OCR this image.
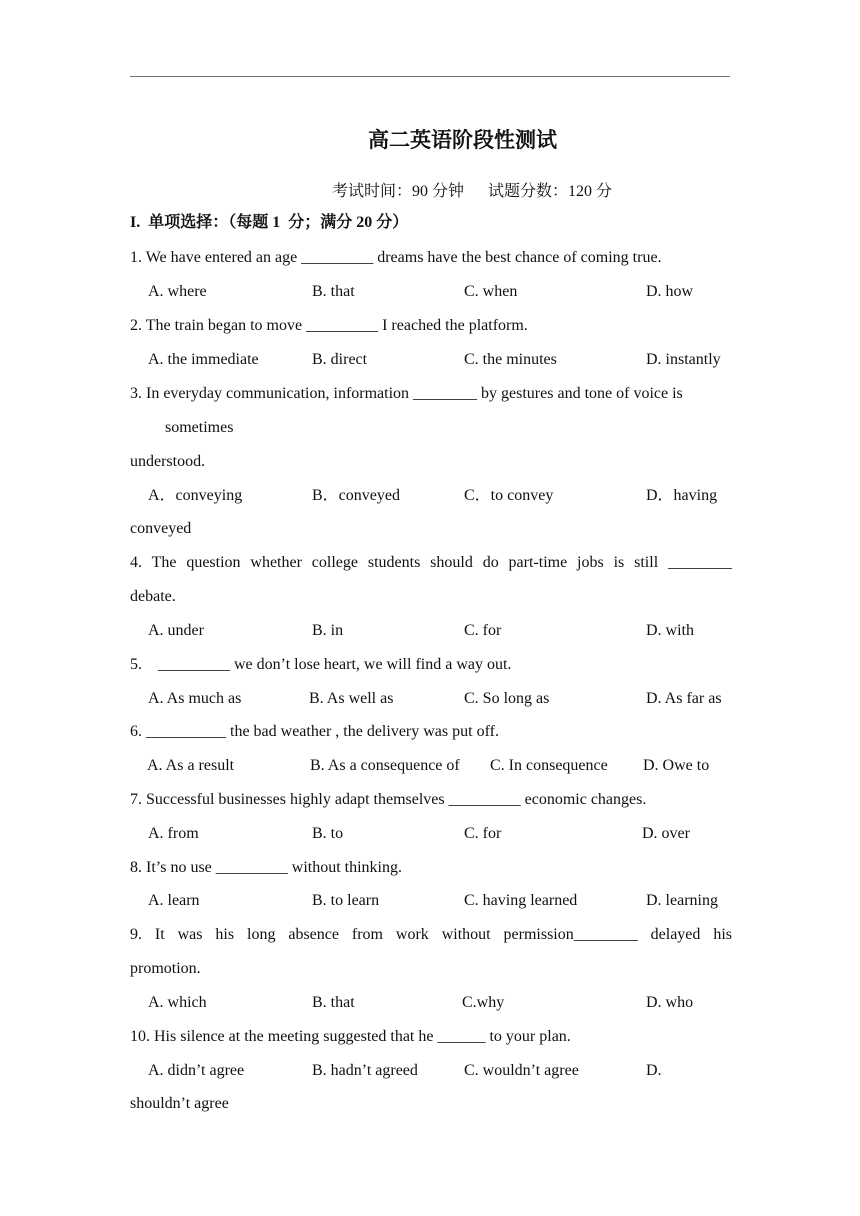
高二英语阶段性测试
考试时间：90 分钟      试题分数：120 分
I.  单项选择：（每题 1  分；满分 20 分）
1. We have entered an age _________ dreams have the best chance of coming true.
A. where	B. that	C. when	D. how
2. The train began to move _________ I reached the platform.
A. the immediate	B. direct	C. the minutes	D. instantly
3. In everyday communication, information ________ by gestures and tone of voice is
sometimes
understood.
A．conveying	B．conveyed	C．to convey	D．having
conveyed
4. The question whether college students should do part-time jobs is still ________
debate.
A. under	B. in	C. for	D. with
5.    _________ we don’t lose heart, we will find a way out.
A. As much as	B. As well as	C. So long as	D. As far as
6. __________ the bad weather , the delivery was put off.
A. As a result	B. As a consequence of C. In consequence D. Owe to
7. Successful businesses highly adapt themselves _________ economic changes.
A. from	B. to	C. for	D. over
8. It’s no use _________ without thinking.
A. learn	B. to learn	C. having learned	D. learning
9.  It  was  his  long  absence  from  work  without  permission________  delayed  his
promotion.
A. which	B. that	C.why	D. who
10. His silence at the meeting suggested that he ______ to your plan.
A. didn’t agree	B. hadn’t agreed	C. wouldn’t agree	D.
shouldn’t agree
